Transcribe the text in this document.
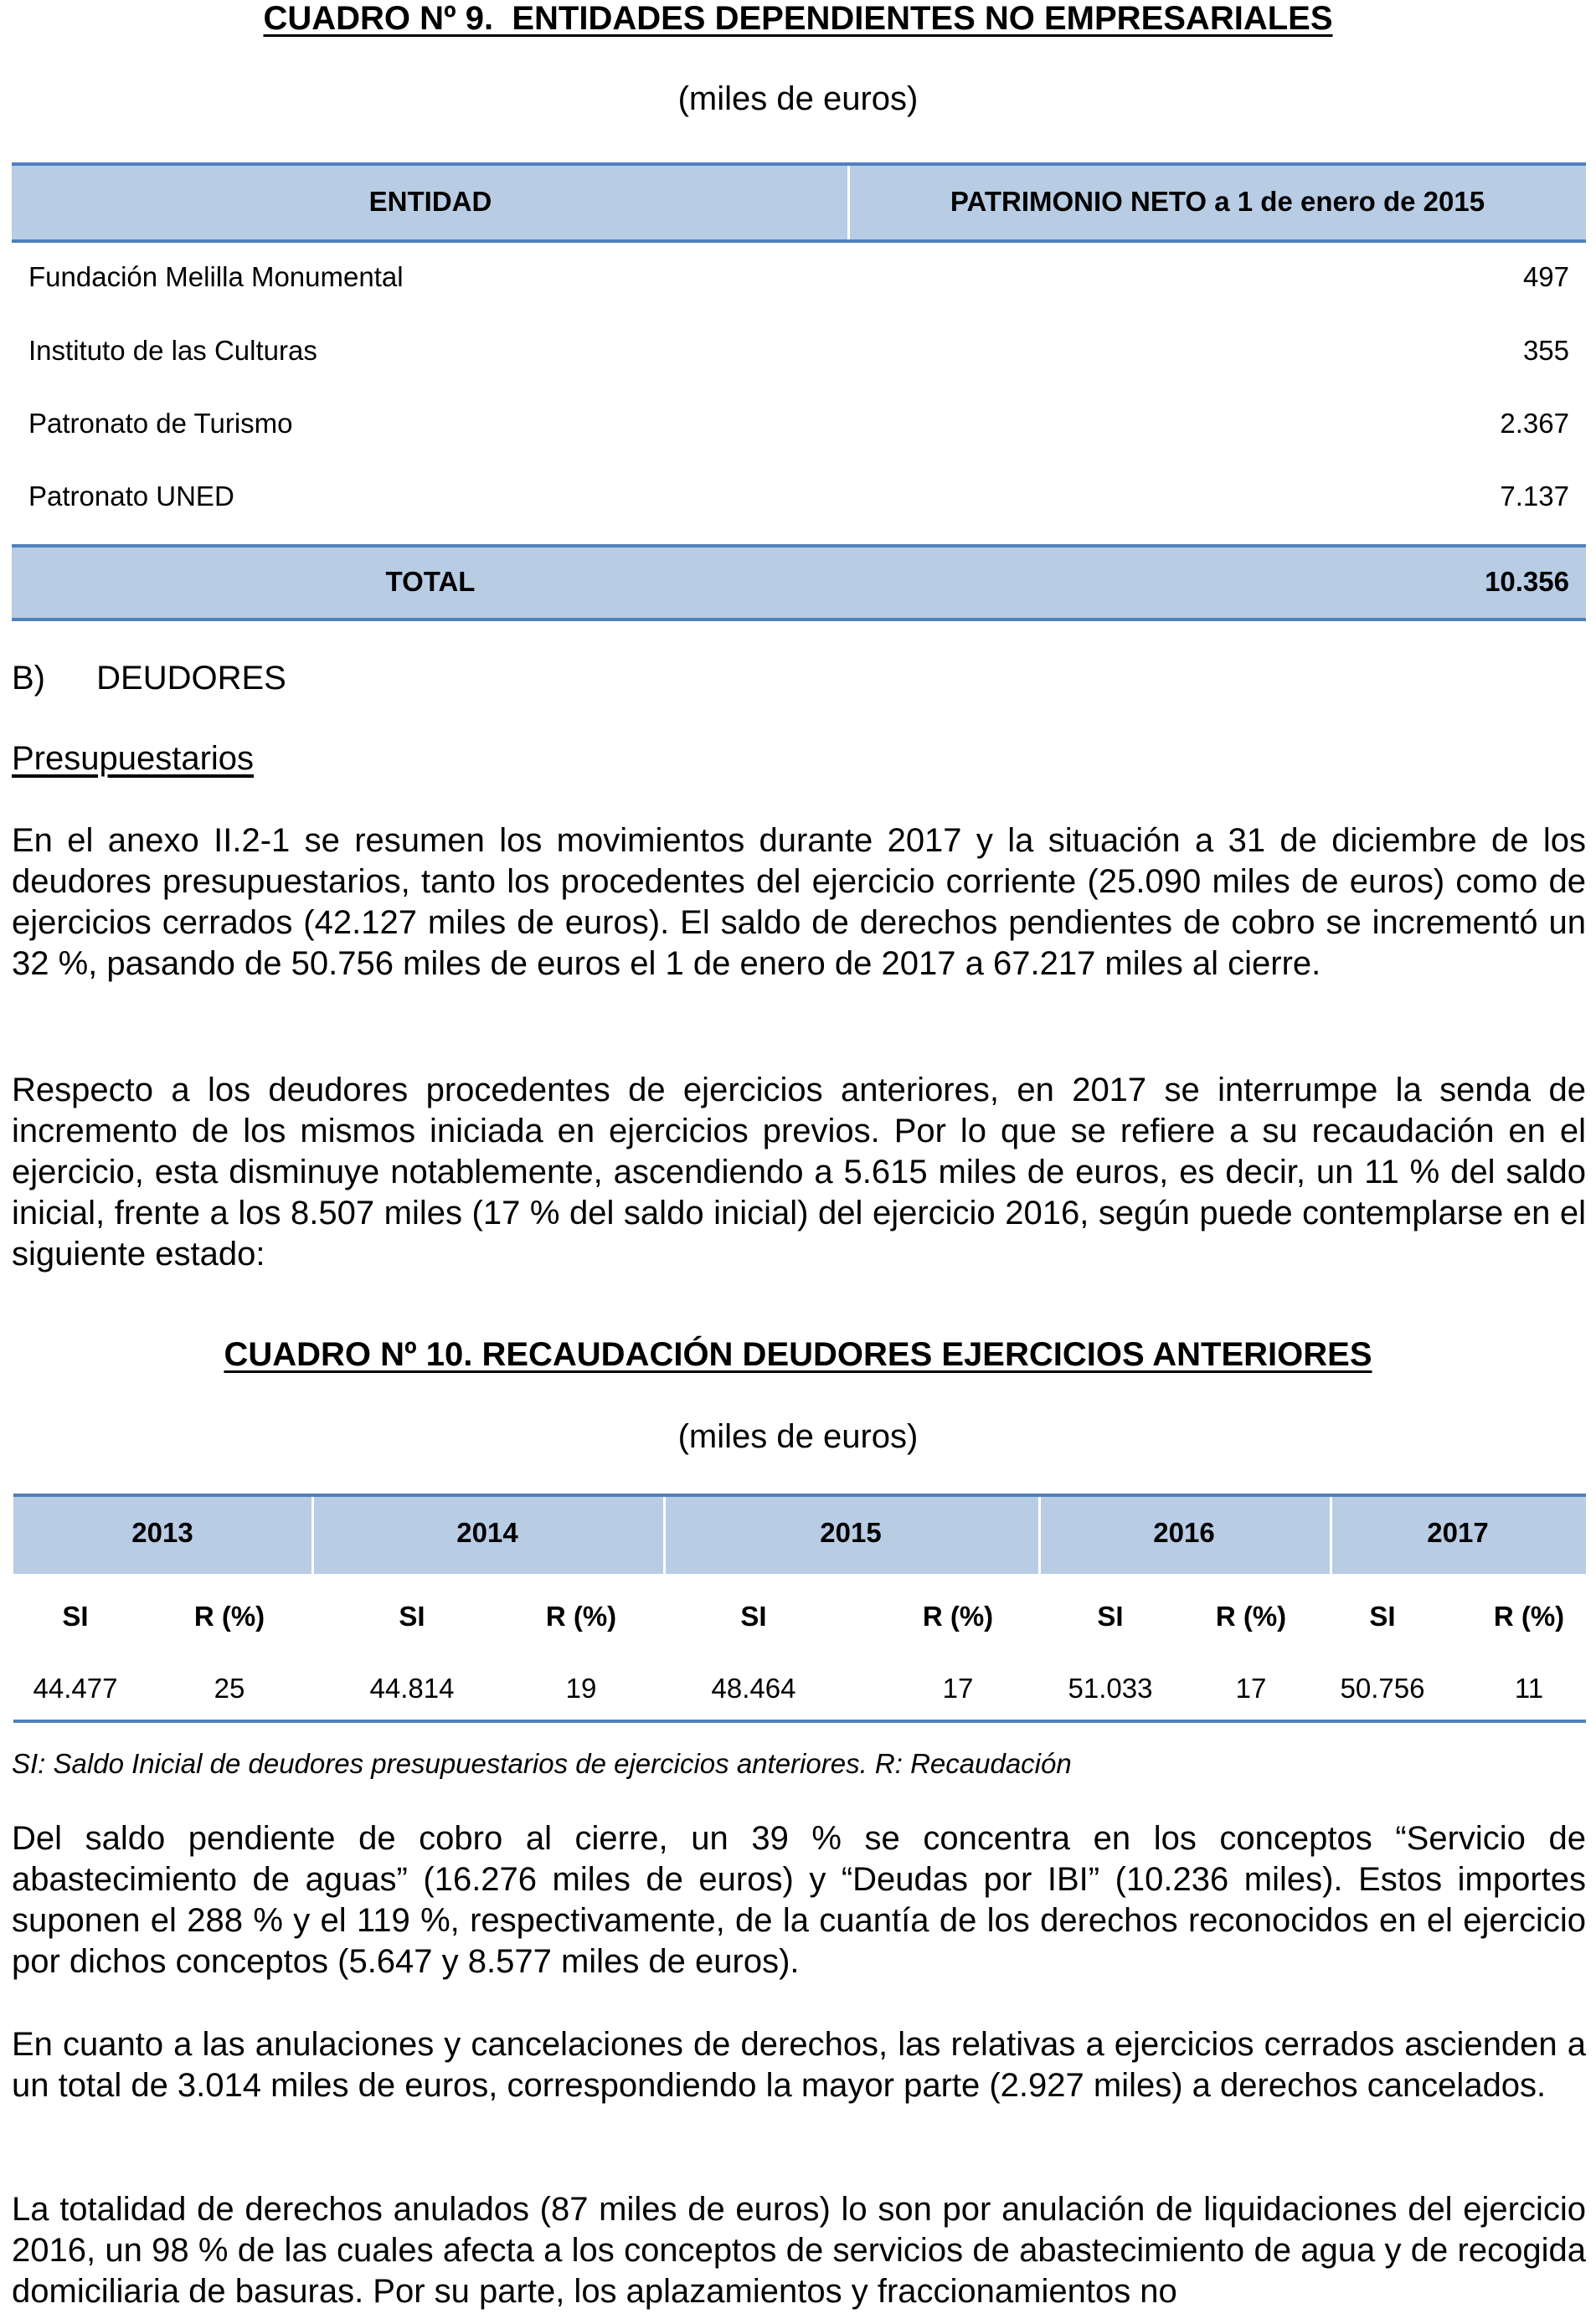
CUADRO Nº 9.  ENTIDADES DEPENDIENTES NO EMPRESARIALES
(miles de euros)
ENTIDAD	PATRIMONIO NETO a 1 de enero de 2015
Fundación Melilla Monumental	497
Instituto de las Culturas	355
Patronato de Turismo	2.367
Patronato UNED	7.137
TOTAL	10.356
B) DEUDORES
Presupuestarios

En el anexo II.2-1 se resumen los movimientos durante 2017 y la situación a 31 de diciembre de los deudores presupuestarios, tanto los procedentes del ejercicio corriente (25.090 miles de euros) como de ejercicios cerrados (42.127 miles de euros). El saldo de derechos pendientes de cobro se incrementó un 32 %, pasando de 50.756 miles de euros el 1 de enero de 2017 a 67.217 miles al cierre.

Respecto a los deudores procedentes de ejercicios anteriores, en 2017 se interrumpe la senda de incremento de los mismos iniciada en ejercicios previos. Por lo que se refiere a su recaudación en el ejercicio, esta disminuye notablemente, ascendiendo a 5.615 miles de euros, es decir, un 11 % del saldo inicial, frente a los 8.507 miles (17 % del saldo inicial) del ejercicio 2016, según puede contemplarse en el siguiente estado:

CUADRO Nº 10. RECAUDACIÓN DEUDORES EJERCICIOS ANTERIORES
(miles de euros)
2013	2014	2015	2016	2017
SI	R (%)	SI	R (%)	SI	R (%)	SI	R (%)	SI	R (%)
44.477	25	44.814	19	48.464	17	51.033	17	50.756	11
SI: Saldo Inicial de deudores presupuestarios de ejercicios anteriores. R: Recaudación

Del saldo pendiente de cobro al cierre, un 39 % se concentra en los conceptos “Servicio de abastecimiento de aguas” (16.276 miles de euros) y “Deudas por IBI” (10.236 miles). Estos importes suponen el 288 % y el 119 %, respectivamente, de la cuantía de los derechos reconocidos en el ejercicio por dichos conceptos (5.647 y 8.577 miles de euros).

En cuanto a las anulaciones y cancelaciones de derechos, las relativas a ejercicios cerrados ascienden a un total de 3.014 miles de euros, correspondiendo la mayor parte (2.927 miles) a derechos cancelados.

La totalidad de derechos anulados (87 miles de euros) lo son por anulación de liquidaciones del ejercicio 2016, un 98 % de las cuales afecta a los conceptos de servicios de abastecimiento de agua y de recogida domiciliaria de basuras. Por su parte, los aplazamientos y fraccionamientos no
